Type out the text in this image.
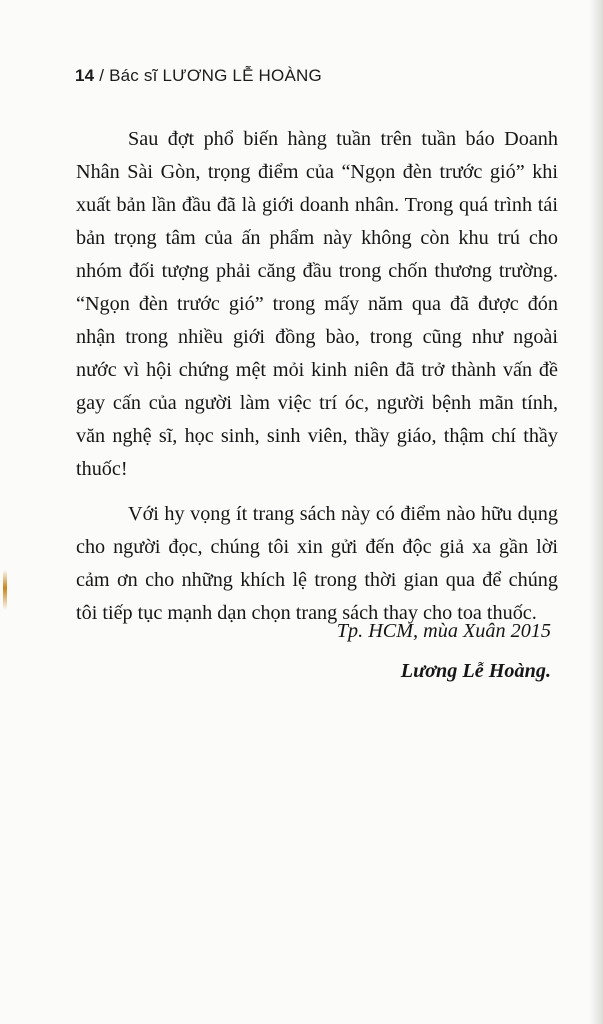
14 / Bác sĩ LƯƠNG LỄ HOÀNG

Sau đợt phổ biến hàng tuần trên tuần báo Doanh Nhân Sài Gòn, trọng điểm của “Ngọn đèn trước gió” khi xuất bản lần đầu đã là giới doanh nhân. Trong quá trình tái bản trọng tâm của ấn phẩm này không còn khu trú cho nhóm đối tượng phải căng đầu trong chốn thương trường. “Ngọn đèn trước gió” trong mấy năm qua đã được đón nhận trong nhiều giới đồng bào, trong cũng như ngoài nước vì hội chứng mệt mỏi kinh niên đã trở thành vấn đề gay cấn của người làm việc trí óc, người bệnh mãn tính, văn nghệ sĩ, học sinh, sinh viên, thầy giáo, thậm chí thầy thuốc!

Với hy vọng ít trang sách này có điểm nào hữu dụng cho người đọc, chúng tôi xin gửi đến độc giả xa gần lời cảm ơn cho những khích lệ trong thời gian qua để chúng tôi tiếp tục mạnh dạn chọn trang sách thay cho toa thuốc.

Tp. HCM, mùa Xuân 2015
Lương Lễ Hoàng.
